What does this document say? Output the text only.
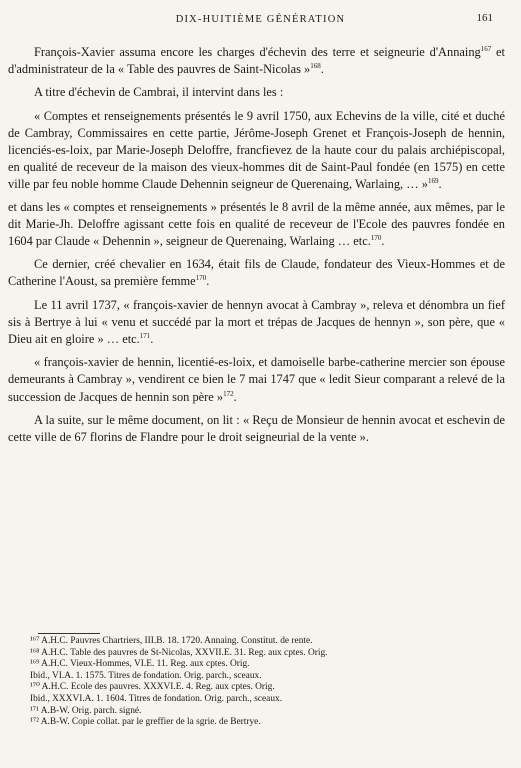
DIX-HUITIÈME GÉNÉRATION	161

François-Xavier assuma encore les charges d'échevin des terre et seigneurie d'Annaing$^{167}$ et d'administrateur de la « Table des pauvres de Saint-Nicolas »$^{168}$.

A titre d'échevin de Cambrai, il intervint dans les :

« Comptes et renseignements présentés le 9 avril 1750, aux Echevins de la ville, cité et duché de Cambray, Commissaires en cette partie, Jérôme-Joseph Grenet et François-Joseph de hennin, licenciés-es-loix, par Marie-Joseph Deloffre, francfievez de la haute cour du palais archiépiscopal, en qualité de receveur de la maison des vieux-hommes dit de Saint-Paul fondée (en 1575) en cette ville par feu noble homme Claude Dehennin seigneur de Querenaing, Warlaing, … »$^{169}$.

et dans les « comptes et renseignements » présentés le 8 avril de la même année, aux mêmes, par le dit Marie-Jh. Deloffre agissant cette fois en qualité de receveur de l'Ecole des pauvres fondée en 1604 par Claude « Dehennin », seigneur de Querenaing, Warlaing … etc.$^{170}$.

Ce dernier, créé chevalier en 1634, était fils de Claude, fondateur des Vieux-Hommes et de Catherine l'Aoust, sa première femme$^{170}$.

Le 11 avril 1737, « françois-xavier de hennyn avocat à Cambray », releva et dénombra un fief sis à Bertrye à lui « venu et succédé par la mort et trépas de Jacques de hennyn », son père, que « Dieu ait en gloire » … etc.$^{171}$.

« françois-xavier de hennin, licentié-es-loix, et damoiselle barbe-catherine mercier son épouse demeurants à Cambray », vendirent ce bien le 7 mai 1747 que « ledit Sieur comparant a relevé de la succession de Jacques de hennin son père »$^{172}$.

A la suite, sur le même document, on lit : « Reçu de Monsieur de hennin avocat et eschevin de cette ville de 67 florins de Flandre pour le droit seigneurial de la vente ».

¹⁶⁷ A.H.C. Pauvres Chartriers, III.B. 18. 1720. Annaing. Constitut. de rente.
¹⁶⁸ A.H.C. Table des pauvres de St-Nicolas, XXVII.E. 31. Reg. aux cptes. Orig.
¹⁶⁹ A.H.C. Vieux-Hommes, VI.E. 11. Reg. aux cptes. Orig.
Ibid., VI.A. 1. 1575. Titres de fondation. Orig. parch., sceaux.
¹⁷⁰ A.H.C. Ecole des pauvres. XXXVI.E. 4. Reg. aux cptes. Orig.
Ibid., XXXVI.A. 1. 1604. Titres de fondation. Orig. parch., sceaux.
¹⁷¹ A.B-W. Orig. parch. signé.
¹⁷² A.B-W. Copie collat. par le greffier de la sgrie. de Bertrye.
